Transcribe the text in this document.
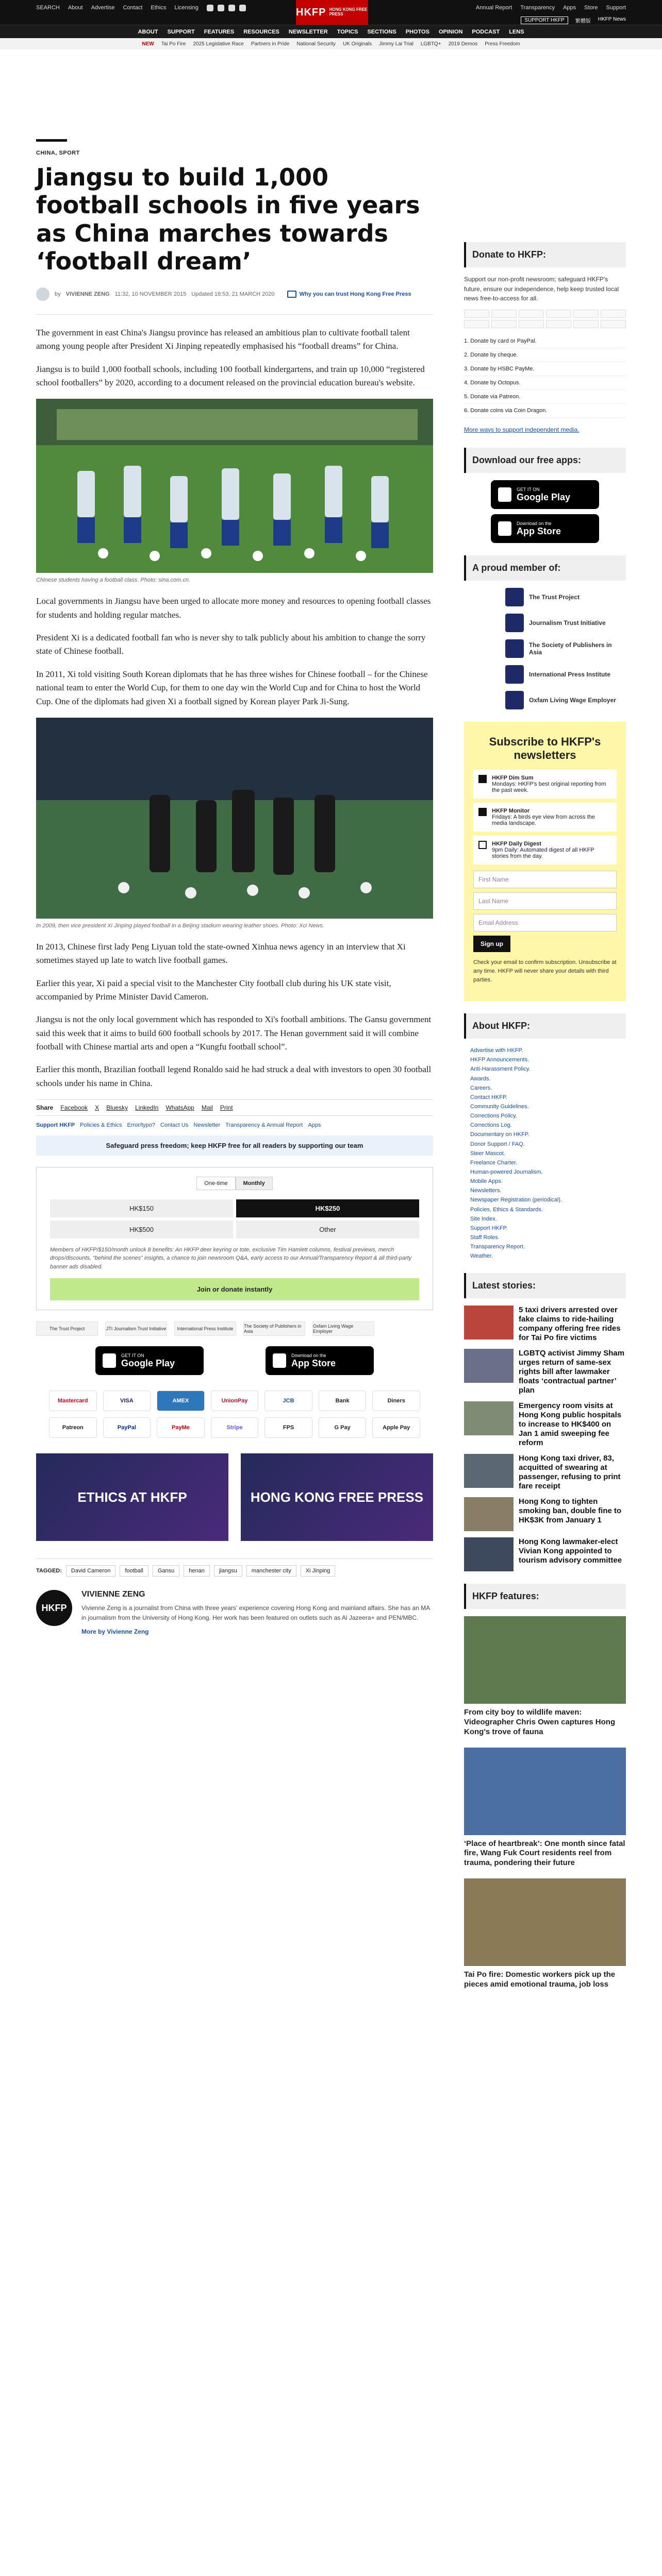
SEARCH About Advertise Contact Ethics Licensing	Annual Report Transparency Apps Store Support
HKFP HONG KONG FREE PRESS
SUPPORT HKFP	繁體版 HKFP News
ABOUT SUPPORT FEATURES RESOURCES NEWSLETTER TOPICS SECTIONS PHOTOS OPINION PODCAST LENS
NEW Tai Po Fire 2025 Legislative Race Partners in Pride National Security UK Originals Jimmy Lai Trial LGBTQ+ 2019 Demos Press Freedom
CHINA, SPORT
Jiangsu to build 1,000 football schools in five years as China marches towards ‘football dream’
by VIVIENNE ZENG 11:32, 10 NOVEMBER 2015 Updated 18:53, 21 MARCH 2020	Why you can trust Hong Kong Free Press

The government in east China's Jiangsu province has released an ambitious plan to cultivate football talent among young people after President Xi Jinping repeatedly emphasised his “football dreams” for China.

Jiangsu is to build 1,000 football schools, including 100 football kindergartens, and train up 10,000 “registered school footballers” by 2020, according to a document released on the provincial education bureau's website.

Chinese students having a football class. Photo: sina.com.cn.

Local governments in Jiangsu have been urged to allocate more money and resources to opening football classes for students and holding regular matches.

President Xi is a dedicated football fan who is never shy to talk publicly about his ambition to change the sorry state of Chinese football.

In 2011, Xi told visiting South Korean diplomats that he has three wishes for Chinese football – for the Chinese national team to enter the World Cup, for them to one day win the World Cup and for China to host the World Cup. One of the diplomats had given Xi a football signed by Korean player Park Ji-Sung.

In 2009, then vice president Xi Jinping played football in a Beijing stadium wearing leather shoes. Photo: Xci News.

In 2013, Chinese first lady Peng Liyuan told the state-owned Xinhua news agency in an interview that Xi sometimes stayed up late to watch live football games.

Earlier this year, Xi paid a special visit to the Manchester City football club during his UK state visit, accompanied by Prime Minister David Cameron.

Jiangsu is not the only local government which has responded to Xi's football ambitions. The Gansu government said this week that it aims to build 600 football schools by 2017. The Henan government said it will combine football with Chinese martial arts and open a “Kungfu football school”.

Earlier this month, Brazilian football legend Ronaldo said he had struck a deal with investors to open 30 football schools under his name in China.

Share Facebook X Bluesky LinkedIn WhatsApp Mail Print
Support HKFP Policies & Ethics Error/typo? Contact Us Newsletter Transparency & Annual Report Apps
Safeguard press freedom; keep HKFP free for all readers by supporting our team
One-time	Monthly
HK$150	HK$250
HK$500	Other
Members of HKFP/$150/month unlock 8 benefits: An HKFP deer keyring or tote, exclusive Tim Hamlett columns, festival previews, merch drops/discounts, “behind the scenes” insights, a chance to join newsroom Q&A, early access to our Annual/Transparency Report & all third-party banner ads disabled.
Join or donate instantly
The Trust Project	JTI Journalism Trust Initiative	International Press Institute	The Society of Publishers in Asia
Oxfam Living Wage Employer
GET IT ON
Google Play
Download on the
App Store
Mastercard	VISA	AMEX	UnionPay	JCB	Bank	Diners
Patreon	PayPal	PayMe	Stripe	FPS	G Pay	Apple Pay
ETHICS AT HKFP	HONG KONG FREE PRESS
TAGGED:	David Cameron	football	Gansu	henan	jiangsu	manchester city	Xi Jinping
HKFP
VIVIENNE ZENG

Vivienne Zeng is a journalist from China with three years' experience covering Hong Kong and mainland affairs. She has an MA in journalism from the University of Hong Kong. Her work has been featured on outlets such as Al Jazeera+ and PEN/MBC.

More by Vivienne Zeng
Donate to HKFP:

Support our non-profit newsroom; safeguard HKFP's future, ensure our independence, help keep trusted local news free-to-access for all.

1. Donate by card or PayPal.
2. Donate by cheque.
3. Donate by HSBC PayMe.
4. Donate by Octopus.
5. Donate via Patreon.
6. Donate coins via Coin Dragon.

More ways to support independent media.

Download our free apps:
GET IT ON
Google Play
Download on the
App Store
A proud member of:
The Trust Project
Journalism Trust Initiative
The Society of Publishers in Asia
International Press Institute
Oxfam Living Wage Employer
Subscribe to HKFP's newsletters
HKFP Dim Sum
Mondays: HKFP's best original reporting from the past week.
HKFP Monitor
Fridays: A birds eye view from across the media landscape.
HKFP Daily Digest
9pm Daily: Automated digest of all HKFP stories from the day.
First Name
Last Name
Email Address
Sign up

Check your email to confirm subscription. Unsubscribe at any time. HKFP will never share your details with third parties.

About HKFP:
Advertise with HKFP.
HKFP Announcements.
Anti-Harassment Policy.
Awards.
Careers.
Contact HKFP.
Community Guidelines.
Corrections Policy.
Corrections Log.
Documentary on HKFP.
Donor Support / FAQ.
Steer Mascot.
Freelance Charter.
Human-powered Journalism.
Mobile Apps.
Newsletters.
Newspaper Registration (periodical).
Policies, Ethics & Standards.
Site Index.
Support HKFP.
Staff Roles.
Transparency Report.
Weather.
Latest stories:
5 taxi drivers arrested over fake claims to ride-hailing company offering free rides for Tai Po fire victims
LGBTQ activist Jimmy Sham urges return of same-sex rights bill after lawmaker floats ‘contractual partner’ plan
Emergency room visits at Hong Kong public hospitals to increase to HK$400 on Jan 1 amid sweeping fee reform
Hong Kong taxi driver, 83, acquitted of swearing at passenger, refusing to print fare receipt
Hong Kong to tighten smoking ban, double fine to HK$3K from January 1
Hong Kong lawmaker-elect Vivian Kong appointed to tourism advisory committee
HKFP features:
From city boy to wildlife maven: Videographer Chris Owen captures Hong Kong's trove of fauna
‘Place of heartbreak’: One month since fatal fire, Wang Fuk Court residents reel from trauma, pondering their future
Tai Po fire: Domestic workers pick up the pieces amid emotional trauma, job loss
